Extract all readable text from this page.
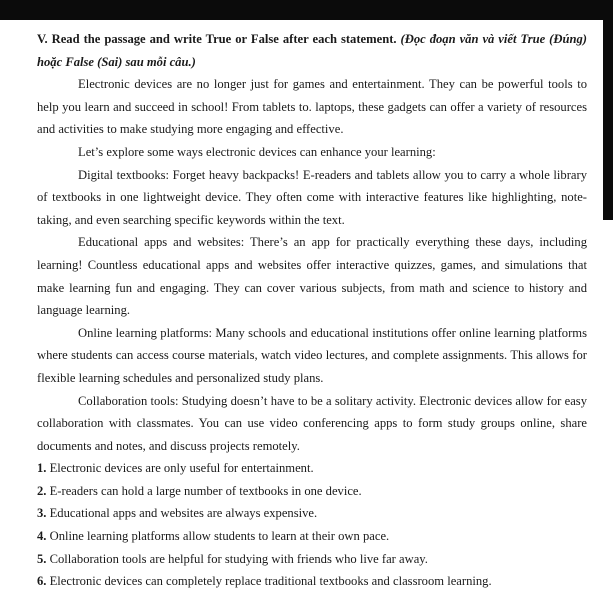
V. Read the passage and write True or False after each statement. (Đọc đoạn văn và viết True (Đúng) hoặc False (Sai) sau mỗi câu.)

Electronic devices are no longer just for games and entertainment. They can be powerful tools to help you learn and succeed in school! From tablets to. laptops, these gadgets can offer a variety of resources and activities to make studying more engaging and effective.

Let’s explore some ways electronic devices can enhance your learning:

Digital textbooks: Forget heavy backpacks! E-readers and tablets allow you to carry a whole library of textbooks in one lightweight device. They often come with interactive features like highlighting, note-taking, and even searching specific keywords within the text.

Educational apps and websites: There’s an app for practically everything these days, including learning! Countless educational apps and websites offer interactive quizzes, games, and simulations that make learning fun and engaging. They can cover various subjects, from math and science to history and language learning.

Online learning platforms: Many schools and educational institutions offer online learning platforms where students can access course materials, watch video lectures, and complete assignments. This allows for flexible learning schedules and personalized study plans.

Collaboration tools: Studying doesn’t have to be a solitary activity. Electronic devices allow for easy collaboration with classmates. You can use video conferencing apps to form study groups online, share documents and notes, and discuss projects remotely.

1. Electronic devices are only useful for entertainment.

2. E-readers can hold a large number of textbooks in one device.

3. Educational apps and websites are always expensive.

4. Online learning platforms allow students to learn at their own pace.

5. Collaboration tools are helpful for studying with friends who live far away.

6. Electronic devices can completely replace traditional textbooks and classroom learning.
